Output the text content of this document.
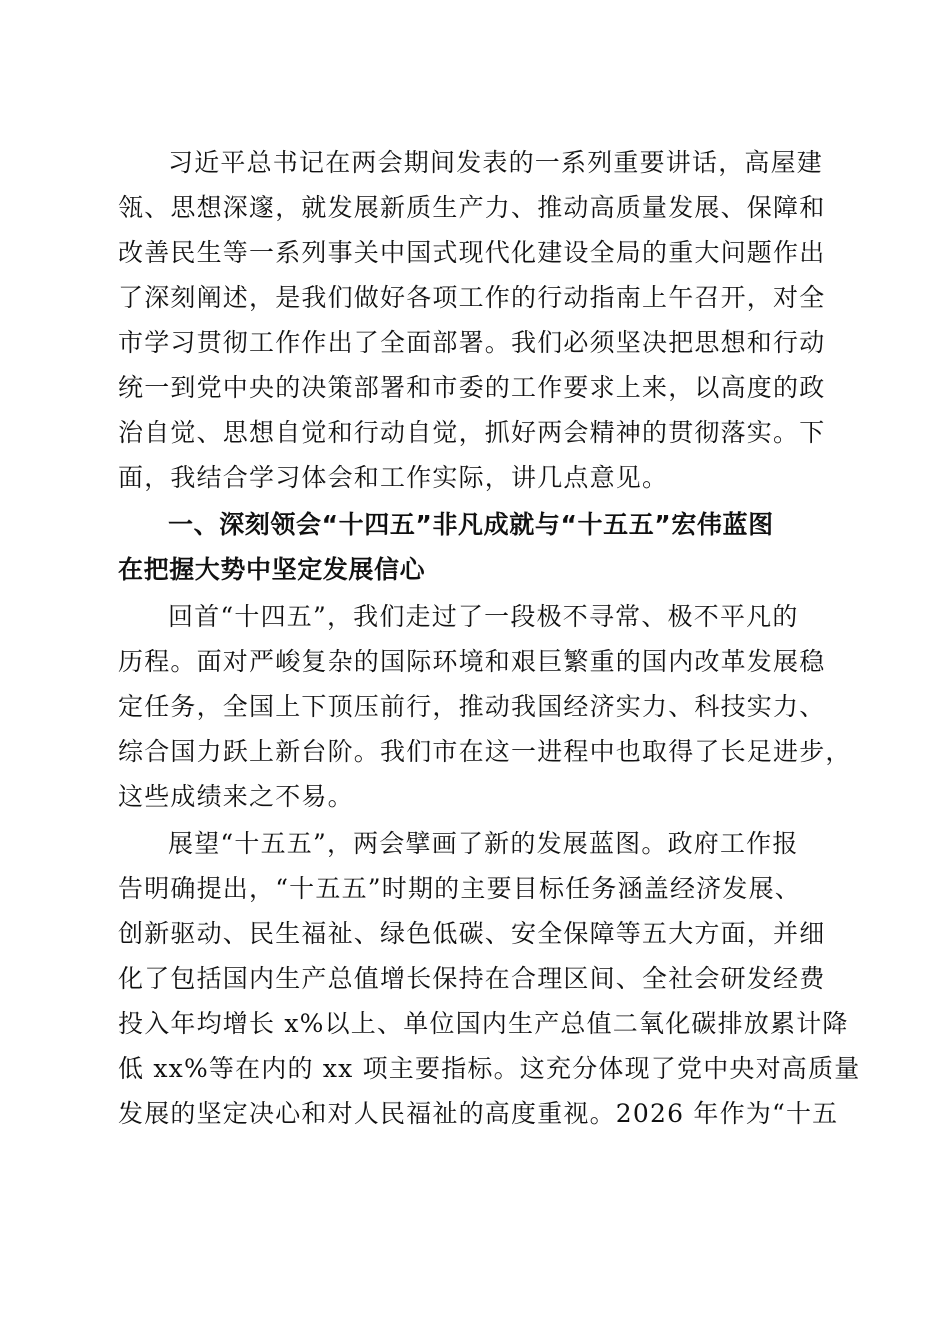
习近平总书记在两会期间发表的一系列重要讲话，高屋建
瓴、思想深邃，就发展新质生产力、推动高质量发展、保障和
改善民生等一系列事关中国式现代化建设全局的重大问题作出
了深刻阐述，是我们做好各项工作的行动指南上午召开，对全
市学习贯彻工作作出了全面部署。我们必须坚决把思想和行动
统一到党中央的决策部署和市委的工作要求上来，以高度的政
治自觉、思想自觉和行动自觉，抓好两会精神的贯彻落实。下
面，我结合学习体会和工作实际，讲几点意见。
一、深刻领会“十四五”非凡成就与“十五五”宏伟蓝图
在把握大势中坚定发展信心
回首“十四五”，我们走过了一段极不寻常、极不平凡的
历程。面对严峻复杂的国际环境和艰巨繁重的国内改革发展稳
定任务，全国上下顶压前行，推动我国经济实力、科技实力、
综合国力跃上新台阶。我们市在这一进程中也取得了长足进步，
这些成绩来之不易。
展望“十五五”，两会擘画了新的发展蓝图。政府工作报
告明确提出，“十五五”时期的主要目标任务涵盖经济发展、
创新驱动、民生福祉、绿色低碳、安全保障等五大方面，并细
化了包括国内生产总值增长保持在合理区间、全社会研发经费
投入年均增长 x%以上、单位国内生产总值二氧化碳排放累计降
低 xx%等在内的 xx 项主要指标。这充分体现了党中央对高质量
发展的坚定决心和对人民福祉的高度重视。2026 年作为“十五
